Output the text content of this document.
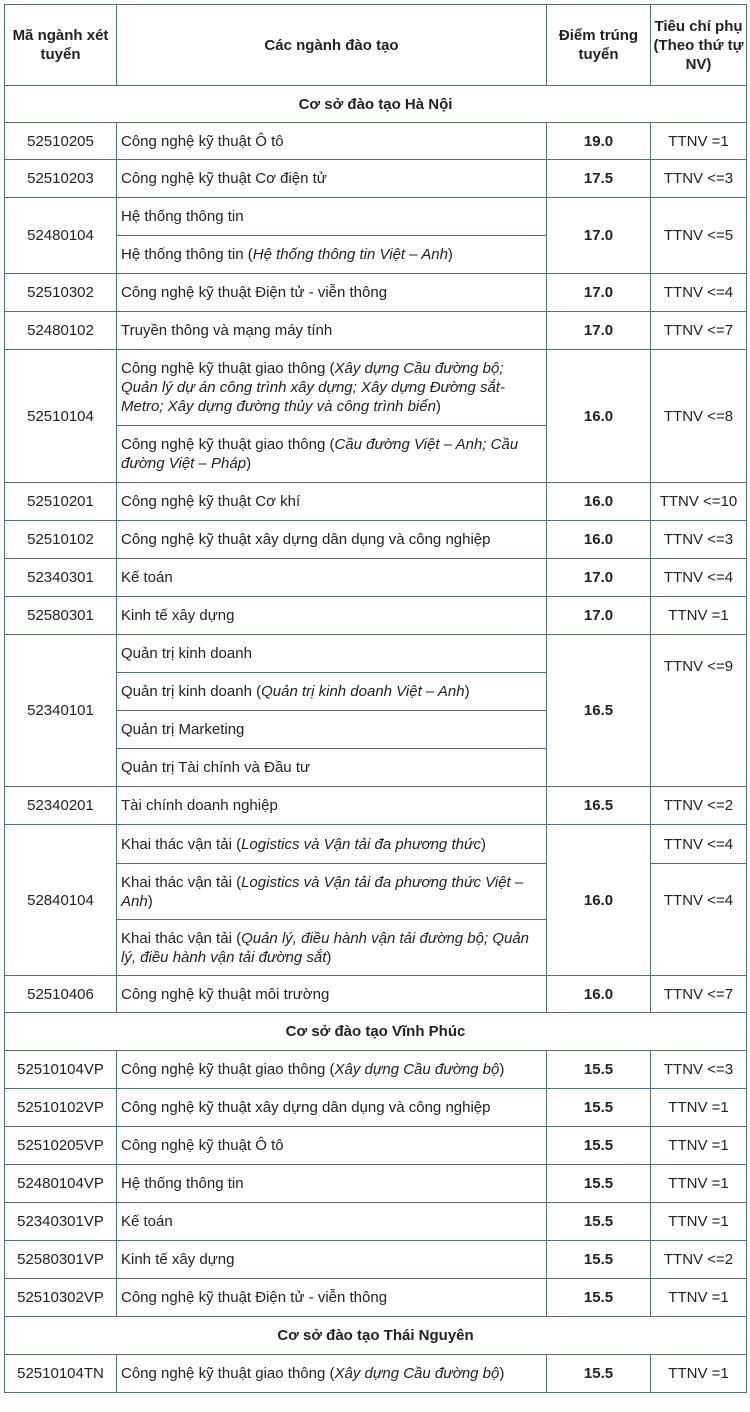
Mã ngành xét tuyển	Các ngành đào tạo	Điểm trúng tuyển	Tiêu chí phụ (Theo thứ tự NV)
Cơ sở đào tạo Hà Nội			
52510205	Công nghệ kỹ thuật Ô tô	19.0	TTNV =1
52510203	Công nghệ kỹ thuật Cơ điện tử	17.5	TTNV <=3
52480104	Hệ thống thông tin	17.0	TTNV <=5
	Hệ thống thông tin (Hệ thống thông tin Việt – Anh)		
52510302	Công nghệ kỹ thuật Điện tử - viễn thông	17.0	TTNV <=4
52480102	Truyền thông và mạng máy tính	17.0	TTNV <=7
52510104	Công nghệ kỹ thuật giao thông (Xây dựng Cầu đường bộ; Quản lý dự án công trình xây dựng; Xây dựng Đường sắt-Metro; Xây dựng đường thủy và công trình biển)	16.0	TTNV <=8
	Công nghệ kỹ thuật giao thông (Cầu đường Việt – Anh; Cầu đường Việt – Pháp)		
52510201	Công nghệ kỹ thuật Cơ khí	16.0	TTNV <=10
52510102	Công nghệ kỹ thuật xây dựng dân dụng và công nghiệp	16.0	TTNV <=3
52340301	Kế toán	17.0	TTNV <=4
52580301	Kinh tế xây dựng	17.0	TTNV =1
52340101	Quản trị kinh doanh	16.5	TTNV <=9
	Quản trị kinh doanh (Quản trị kinh doanh Việt – Anh)		
	Quản trị Marketing		
	Quản trị Tài chính và Đầu tư		
52340201	Tài chính doanh nghiệp	16.5	TTNV <=2
52840104	Khai thác vận tải (Logistics và Vận tải đa phương thức)	16.0	TTNV <=4
	Khai thác vận tải (Logistics và Vận tải đa phương thức Việt – Anh)		TTNV <=4
	Khai thác vận tải (Quản lý, điều hành vận tải đường bộ; Quản lý, điều hành vận tải đường sắt)		
52510406	Công nghệ kỹ thuật môi trường	16.0	TTNV <=7
Cơ sở đào tạo Vĩnh Phúc			
52510104VP	Công nghệ kỹ thuật giao thông (Xây dựng Cầu đường bộ)	15.5	TTNV <=3
52510102VP	Công nghệ kỹ thuật xây dựng dân dụng và công nghiệp	15.5	TTNV =1
52510205VP	Công nghệ kỹ thuật Ô tô	15.5	TTNV =1
52480104VP	Hệ thống thông tin	15.5	TTNV =1
52340301VP	Kế toán	15.5	TTNV =1
52580301VP	Kinh tế xây dựng	15.5	TTNV <=2
52510302VP	Công nghệ kỹ thuật Điện tử - viễn thông	15.5	TTNV =1
Cơ sở đào tạo Thái Nguyên			
52510104TN	Công nghệ kỹ thuật giao thông (Xây dựng Cầu đường bộ)	15.5	TTNV =1
